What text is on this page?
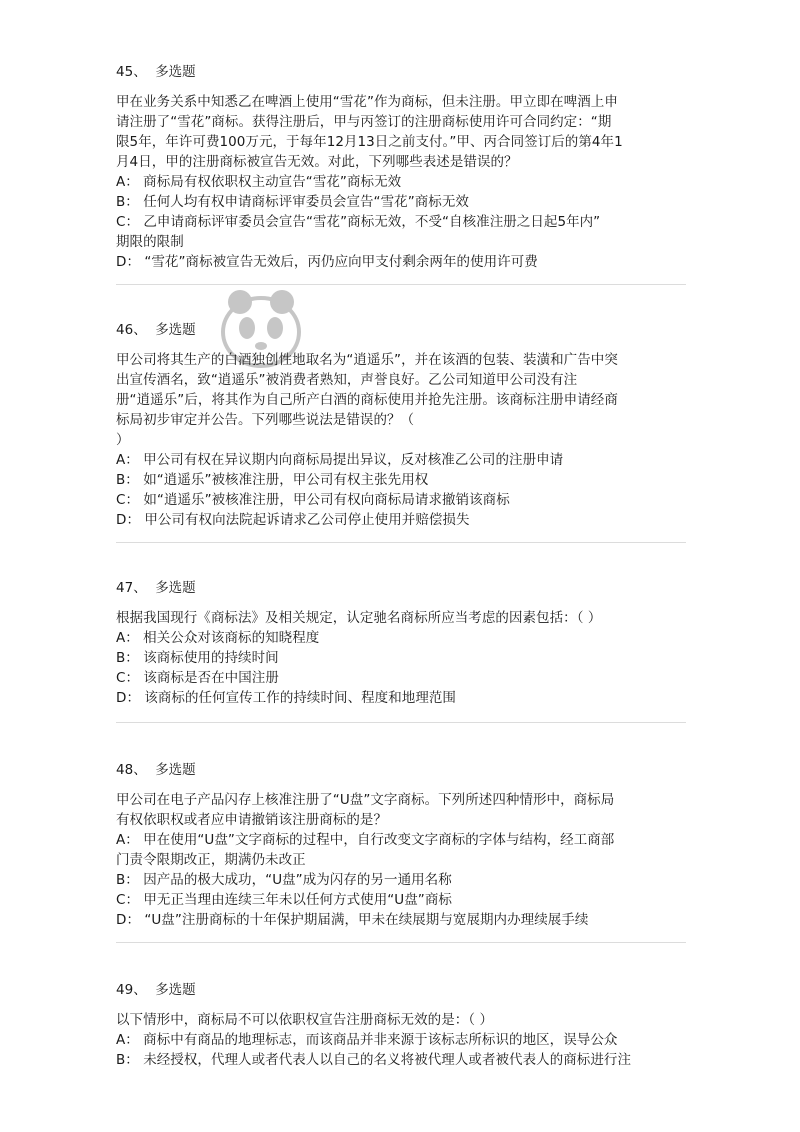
45、 多选题
甲在业务关系中知悉乙在啤酒上使用“雪花”作为商标，但未注册。甲立即在啤酒上申
请注册了“雪花”商标。获得注册后，甲与丙签订的注册商标使用许可合同约定：“期
限5年，年许可费100万元，于每年12月13日之前支付。”甲、丙合同签订后的第4年1
月4日，甲的注册商标被宣告无效。对此，下列哪些表述是错误的？
A： 商标局有权依职权主动宣告“雪花”商标无效
B： 任何人均有权申请商标评审委员会宣告“雪花”商标无效
C： 乙申请商标评审委员会宣告“雪花”商标无效，不受“自核准注册之日起5年内”
期限的限制
D： “雪花”商标被宣告无效后，丙仍应向甲支付剩余两年的使用许可费
46、 多选题
甲公司将其生产的白酒独创性地取名为“逍遥乐”，并在该酒的包装、装潢和广告中突
出宣传酒名，致“逍遥乐”被消费者熟知，声誉良好。乙公司知道甲公司没有注
册“逍遥乐”后，将其作为自己所产白酒的商标使用并抢先注册。该商标注册申请经商
标局初步审定并公告。下列哪些说法是错误的？（
）
A： 甲公司有权在异议期内向商标局提出异议，反对核准乙公司的注册申请
B： 如“逍遥乐”被核准注册，甲公司有权主张先用权
C： 如“逍遥乐”被核准注册，甲公司有权向商标局请求撤销该商标
D： 甲公司有权向法院起诉请求乙公司停止使用并赔偿损失
47、 多选题
根据我国现行《商标法》及相关规定，认定驰名商标所应当考虑的因素包括：（ ）
A： 相关公众对该商标的知晓程度
B： 该商标使用的持续时间
C： 该商标是否在中国注册
D： 该商标的任何宣传工作的持续时间、程度和地理范围
48、 多选题
甲公司在电子产品闪存上核准注册了“U盘”文字商标。下列所述四种情形中，商标局
有权依职权或者应申请撤销该注册商标的是？
A： 甲在使用“U盘”文字商标的过程中，自行改变文字商标的字体与结构，经工商部
门责令限期改正，期满仍未改正
B： 因产品的极大成功，“U盘”成为闪存的另一通用名称
C： 甲无正当理由连续三年未以任何方式使用“U盘”商标
D： “U盘”注册商标的十年保护期届满，甲未在续展期与宽展期内办理续展手续
49、 多选题
以下情形中，商标局不可以依职权宣告注册商标无效的是：（ ）
A： 商标中有商品的地理标志，而该商品并非来源于该标志所标识的地区，误导公众
B： 未经授权，代理人或者代表人以自己的名义将被代理人或者被代表人的商标进行注
